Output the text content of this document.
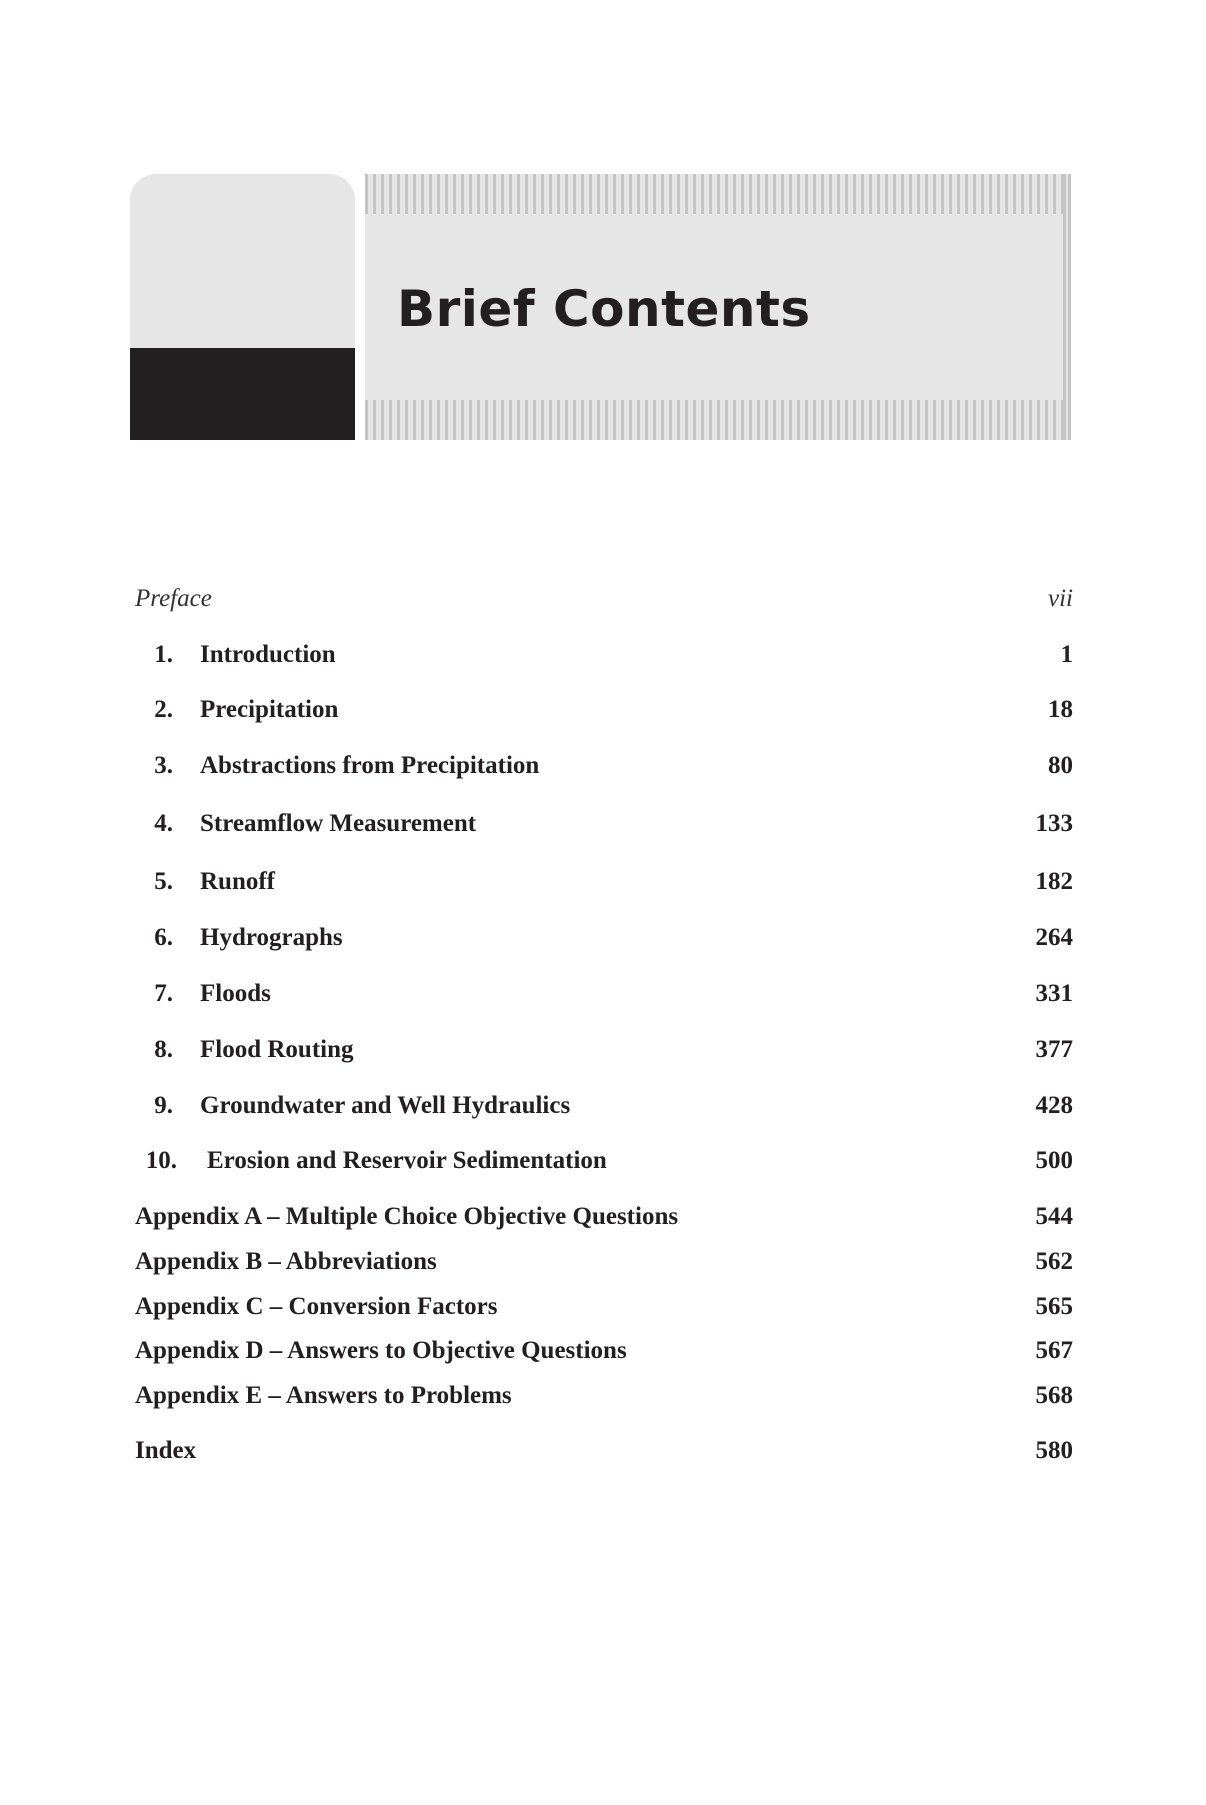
Brief Contents
Preface	vii
1. Introduction	1
2. Precipitation	18
3. Abstractions from Precipitation	80
4. Streamflow Measurement	133
5. Runoff	182
6. Hydrographs	264
7. Floods	331
8. Flood Routing	377
9. Groundwater and Well Hydraulics	428
10. Erosion and Reservoir Sedimentation	500
Appendix A – Multiple Choice Objective Questions	544
Appendix B – Abbreviations	562
Appendix C – Conversion Factors	565
Appendix D – Answers to Objective Questions	567
Appendix E – Answers to Problems	568
Index	580
